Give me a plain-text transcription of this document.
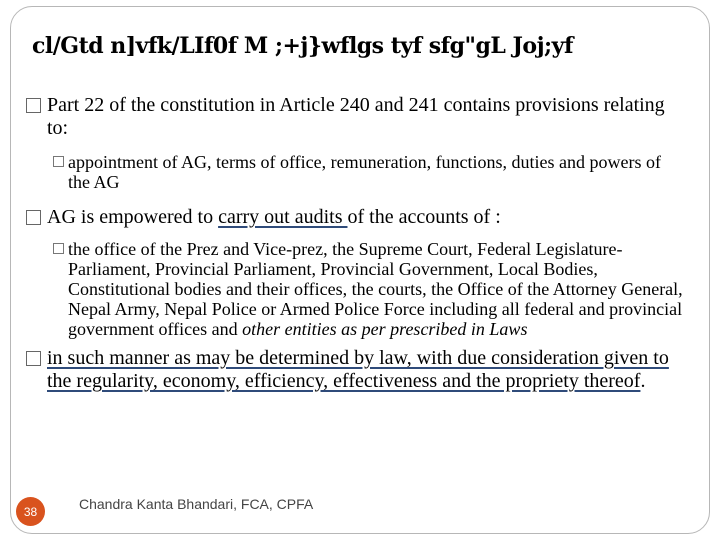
cl/Gtd n]vfk/LIf0f M ;+j}wflgs tyf sfg"gL Joj;yf
Part 22 of the constitution in Article 240 and 241 contains provisions relating to:
appointment of AG, terms of office, remuneration, functions, duties and powers of the AG
AG is empowered to carry out audits of the accounts of :
the office of the Prez and Vice-prez, the Supreme Court, Federal Legislature-Parliament, Provincial Parliament, Provincial Government, Local Bodies, Constitutional bodies and their offices, the courts, the Office of the Attorney General, Nepal Army, Nepal Police or Armed Police Force including all federal and provincial government offices and other entities as per prescribed in Laws
in such manner as may be determined by law, with due consideration given to the regularity, economy, efficiency, effectiveness and the propriety thereof.
38	Chandra Kanta Bhandari, FCA, CPFA
